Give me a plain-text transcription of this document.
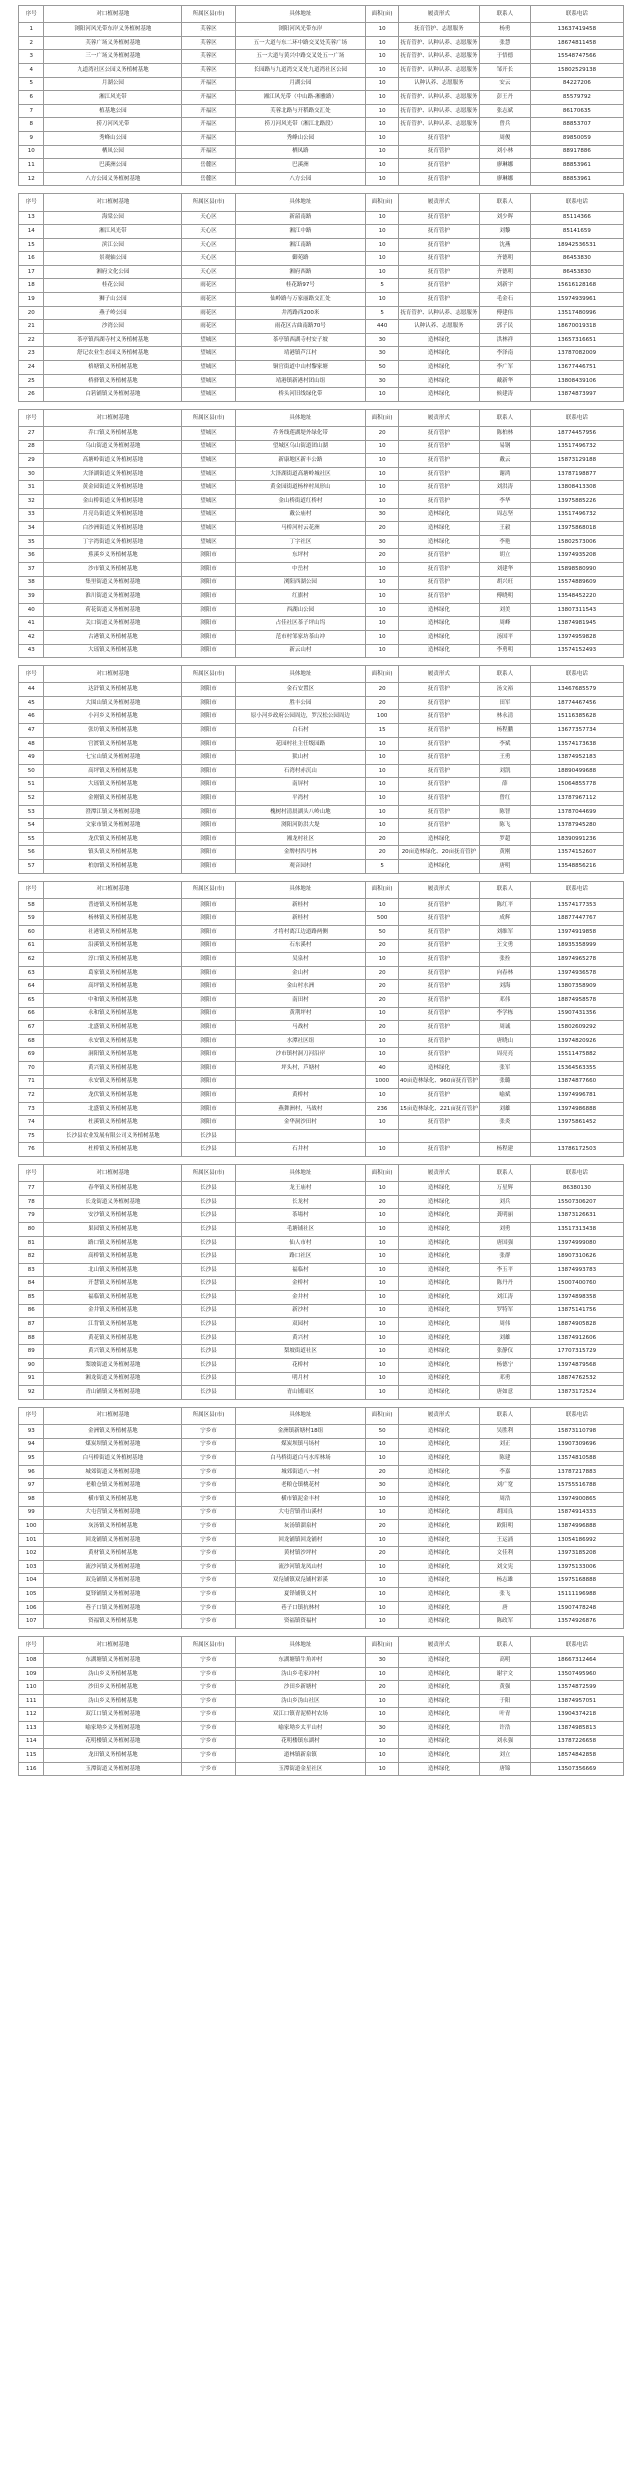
序号	对口植树基地	所属区县(市)	具体地址	面积(亩)	履责形式	联系人	联系电话
1	浏阳河风光带东岸义务植树基地	芙蓉区	浏阳河风光带东岸	10	抚育管护、志愿服务	杨勇	13637419458
2	芙蓉广场义务植树基地	芙蓉区	五一大道与东二环中路交叉处芙蓉广场	10	抚育管护、认种认养、志愿服务	张慧	18674811458
3	三一广场义务植树基地	芙蓉区	五一大道与黄兴中路交叉处五一广场	10	抚育管护、认种认养、志愿服务	于悟德	15548747566
4	九道湾社区公园义务植树基地	芙蓉区	长园路与九道湾交叉处九道湾社区公园	10	抚育管护、认种认养、志愿服务	邹开长	15802529138
5	月湖公园	开福区	月湖公园	10	认种认养、志愿服务	安云	84227206
6	湘江风光带	开福区	湘江风光带（中山路-湘雅路）	10	抚育管护、认种认养、志愿服务	彭王丹	85579792
7	植基地公园	开福区	芙蓉北路与开稻路交汇处	10	抚育管护、认种认养、志愿服务	张志斌	86170635
8	捞刀河风光带	开福区	捞刀河风光带（湘江北路段）	10	抚育管护、认种认养、志愿服务	曾兵	88853707
9	秀峰山公园	开福区	秀峰山公园	10	抚育管护	周俊	89850059
10	栖凤公园	开福区	栖凤路	10	抚育管护	刘小林	88917886
11	巴溪洲公园	岳麓区	巴溪洲	10	抚育管护	廖琳娜	88853961
12	八方公园义务植树基地	岳麓区	八方公园	10	抚育管护	廖琳娜	88853961

序号	对口植树基地	所属区县(市)	具体地址	面积(亩)	履责形式	联系人	联系电话
13	海棠公园	天心区	新韶南路	10	抚育管护	刘少晖	85114366
14	湘江风光带	天心区	湘江中路	10	抚育管护	刘黎	85141659
15	滨江公园	天心区	湘江南路	10	抚育管护	沈燕	18942536531
16	景观轴公园	天心区	御苑路	10	抚育管护	齐德明	86453830
17	湘府文化公园	天心区	湘府西路	10	抚育管护	齐德明	86453830
18	桂花公园	雨花区	桂花路97号	5	抚育管护	刘新宇	15616128168
19	狮子山公园	雨花区	仙岭路与万家丽路交汇处	10	抚育管护	毛金石	15974939961
20	燕子岭公园	雨花区	井湾路西200米	5	抚育管护、认种认养、志愿服务	傅建伟	13517480996
21	沙湾公园	雨花区	雨花区古曲南路70号	440	认种认养、志愿服务	郭子民	18670019318
22	茶亭镇西湖寺村义务植树基地	望城区	茶亭镇西湖寺村安子坡	30	造林绿化	洪林祥	13657316651
23	舒记农业生态园义务植树基地	望城区	靖港镇芦江村	30	造林绿化	李泽南	13787082009
24	格塘镇义务植树基地	望城区	铜官街道中山村黎家塘	50	造林绿化	李广军	13677446751
25	桥驿镇义务植树基地	望城区	靖港镇新港村团山组	30	造林绿化	戴新华	13808439106
26	白箬铺镇义务植树基地	望城区	桥头河旧线绿化带	10	造林绿化	候建涛	13874873997

序号	对口植树基地	所属区县(市)	具体地址	面积(亩)	履责形式	联系人	联系电话
27	乔口镇义务植树基地	望城区	乔务线莲湖堤外绿化带	20	抚育管护	陈柏林	18774457956
28	乌山街道义务植树基地	望城区	望城区乌山街道团山湖	10	抚育管护	易钢	13517496732
29	高塘岭街道义务植树基地	望城区	新康地区新丰公路	10	抚育管护	戴云	15873129188
30	大泽湖街道义务植树基地	望城区	大泽湖街道高塘岭城社区	10	抚育管护	谢鸿	13787198877
31	黄金园街道义务植树基地	望城区	黄金园街道杨梓村凤形山	10	抚育管护	刘洪涛	13808413308
32	金山桥街道义务植树基地	望城区	金山桥街道红桥村	10	抚育管护	李华	13975885226
33	月亮岛街道义务植树基地	望城区	戴公庙村	30	造林绿化	周志坚	13517496732
34	白沙洲街道义务植树基地	望城区	马桥河村云花洲	20	造林绿化	王毅	13975868018
35	丁字湾街道义务植树基地	望城区	丁字社区	30	造林绿化	李艳	15802573006
36	蕉溪乡义务植树基地	浏阳市	东坪村	20	抚育管护	胡立	13974935208
37	沙市镇义务植树基地	浏阳市	中岳村	10	抚育管护	刘建华	15898580990
38	集里街道义务植树基地	浏阳市	浏阳西湖公园	10	抚育管护	胡兴旺	15574889609
39	淮川街道义务植树基地	浏阳市	红旗村	10	抚育管护	傅晓明	13548452220
40	荷花街道义务植树基地	浏阳市	西湖山公园	10	造林绿化	刘美	13807311543
41	关口街道义务植树基地	浏阳市	占佳社区茶子坪山坞	10	造林绿化	周峰	13874981945
42	古港镇义务植树基地	浏阳市	范市村邹家坊茶山冲	10	造林绿化	汤国平	13974959828
43	大瑶镇义务植树基地	浏阳市	新云山村	10	造林绿化	李勇明	13574152493

序号	对口植树基地	所属区县(市)	具体地址	面积(亩)	履责形式	联系人	联系电话
44	达浒镇义务植树基地	浏阳市	金石安置区	20	抚育管护	汤文裕	13467685579
45	大围山镇义务植树基地	浏阳市	胜丰公园	20	抚育管护	田军	18774467456
46	小河乡义务植树基地	浏阳市	原小河乡政府公园周边，罗汉松公园周边	100	抚育管护	林永清	15116385628
47	张坊镇义务植树基地	浏阳市	白石村	15	抚育管护	杨程鹏	13677357734
48	官渡镇义务植树基地	浏阳市	花园村社主任级园路	10	抚育管护	李斌	13574173638
49	七宝山镇义务植树基地	浏阳市	狱山村	10	抚育管护	王勇	13874952183
50	高坪镇义务植树基地	浏阳市	石湾村赤沉山	10	抚育管护	刘凯	18890499688
51	大瑶镇义务植树基地	浏阳市	南屏村	10	抚育管护	薛	15064855778
52	金刚镇义务植树基地	浏阳市	平湾村	10	抚育管护	曾红	13787967112
53	澄潭江镇义务植树基地	浏阳市	槐树村清晨湖头八岭山地	10	抚育管护	陈智	13787044699
54	文家市镇义务植树基地	浏阳市	浏阳河防洪大堤	10	抚育管护	陈飞	13787945280
55	龙伏镇义务植树基地	浏阳市	湘龙村社区	20	造林绿化	罗超	18390991236
56	镇头镇义务植树基地	浏阳市	金牌村四号林	20	20亩造林绿化、20亩抚育管护	黄刚	13574152607
57	柏加镇义务植树基地	浏阳市	观音园村	5	造林绿化	唐明	13548856216

序号	对口植树基地	所属区县(市)	具体地址	面积(亩)	履责形式	联系人	联系电话
58	普迹镇义务植树基地	浏阳市	新桂村	10	抚育管护	陈红平	13574177353
59	杨林镇义务植树基地	浏阳市	新桂村	500	抚育管护	成辉	18877447767
60	社港镇义务植树基地	浏阳市	才将村离江边道路两侧	50	抚育管护	刘维军	13974919858
61	沿溪镇义务植树基地	浏阳市	石东溪村	20	抚育管护	王文勇	18935358999
62	淳口镇义务植树基地	浏阳市	吴泉村	10	抚育管护	张拴	18974965278
63	葛家镇义务植树基地	浏阳市	金山村	20	抚育管护	向春林	13974936578
64	高坪镇义务植树基地	浏阳市	金山村水洲	20	抚育管护	刘海	13807358909
65	中和镇义务植树基地	浏阳市	南田村	20	抚育管护	邓伟	18874958578
66	永和镇义务植树基地	浏阳市	黄荆坪村	10	抚育管护	李学栋	15907431356
67	北盛镇义务植树基地	浏阳市	马战村	20	抚育管护	周诚	15802609292
68	永安镇义务植树基地	浏阳市	水潭社区组	10	抚育管护	唐晓山	13974820926
69	洞阳镇义务植树基地	浏阳市	沙市镇村洞刀河沿岸	10	抚育管护	周亮亮	15511475882
70	黄兴镇义务植树基地	浏阳市	坪头村，芦塘村	40	造林绿化	张军	15364563355
71	永安镇义务植树基地	浏阳市		1000	40亩造林绿化、960亩抚育管护	张璐	13874877660
72	龙伏镇义务植树基地	浏阳市	黄桥村	10	抚育管护	喻斌	13974996781
73	北盛镇义务植树基地	浏阳市	燕舞洲村，马战村	236	15亩造林绿化、221亩抚育管护	刘雄	13974986888
74	杜溪镇义务植树基地	浏阳市	金华洞沙田村	10	抚育管护	张炎	13975861452
75	长沙县农业发展有限公司义务植树基地	长沙县					
76	杜桥镇义务植树基地	长沙县	石井村	10	抚育管护	杨程建	13786172503

序号	对口植树基地	所属区县(市)	具体地址	面积(亩)	履责形式	联系人	联系电话
77	春华镇义务植树基地	长沙县	龙王庙村	10	造林绿化	万星辉	86380130
78	长龙街道义务植树基地	长沙县	长龙村	20	造林绿化	刘兵	15507306207
79	安沙镇义务植树基地	长沙县	茶場村	10	造林绿化	龚明丽	13873126631
80	果园镇义务植树基地	长沙县	毛塘铺社区	10	造林绿化	刘勇	13517313438
81	路口镇义务植树基地	长沙县	仙人市村	10	造林绿化	唐国强	13974999080
82	高桥镇义务植树基地	长沙县	路口社区	10	造林绿化	张群	18907310626
83	北山镇义务植树基地	长沙县	福临村	10	造林绿化	李玉平	13874993783
84	开慧镇义务植树基地	长沙县	金桥村	10	造林绿化	陈丹丹	15007400760
85	福临镇义务植树基地	长沙县	金井村	10	造林绿化	刘江涛	13974898358
86	金井镇义务植树基地	长沙县	新沙村	10	造林绿化	罗特军	13875141756
87	江背镇义务植树基地	长沙县	双园村	10	造林绿化	周伟	18874905828
88	黄花镇义务植树基地	长沙县	黄兴村	10	造林绿化	刘雄	13874912606
89	黄兴镇义务植树基地	长沙县	梨坡街道社区	10	造林绿化	张静仪	17707315729
90	梨坡街道义务植树基地	长沙县	花桥村	10	造林绿化	杨德宁	13974879568
91	湘龙街道义务植树基地	长沙县	明月村	10	造林绿化	邓勇	18874762532
92	青山铺镇义务植树基地	长沙县	青山铺园区	10	造林绿化	唐如意	13873172524

序号	对口植树基地	所属区县(市)	具体地址	面积(亩)	履责形式	联系人	联系电话
93	金洲镇义务植树基地	宁乡市	金洲镇新塘村18组	50	造林绿化	吴胜利	15873110798
94	煤炭坝镇义务植树基地	宁乡市	煤炭坝镇马场村	10	造林绿化	刘正	13907309696
95	白马桥街道义务植树基地	宁乡市	白马桥街道白马水库林场	10	造林绿化	陈建	13574810588
96	城郊街道义务植树基地	宁乡市	城郊街道八一村	20	造林绿化	李嘉	13787217883
97	老粮仓镇义务植树基地	宁乡市	老粮仓镇桃花村	30	造林绿化	刘广宽	15755516788
98	横市镇义务植树基地	宁乡市	横市镇泥金丰村	10	造林绿化	周浩	13974900865
99	大屯营镇义务植树基地	宁乡市	大屯营镇青山溪村	10	造林绿化	胡国良	15874914333
100	灰汤镇义务植树基地	宁乡市	灰汤镇溜泉村	20	造林绿化	欧阳明	13874996888
101	回龙铺镇义务植树基地	宁乡市	回龙铺镇回龙铺村	10	造林绿化	王运涌	13054186992
102	黄材镇义务植树基地	宁乡市	黄材镇沙坪村	20	造林绿化	文佳利	13973185208
103	流沙河镇义务植树基地	宁乡市	流沙河镇龙凤山村	10	造林绿化	刘文宪	13975133006
104	双凫铺镇义务植树基地	宁乡市	双凫铺镇双凫铺村彩溪	10	造林绿化	杨志雄	15975168888
105	夏铎铺镇义务植树基地	宁乡市	夏铎铺镇义村	10	造林绿化	张飞	15111196988
106	巷子口镇义务植树基地	宁乡市	巷子口镇抗林村	10	造林绿化	唐	15907478248
107	资福镇义务植树基地	宁乡市	资福镇资福村	10	造林绿化	陈政军	13574926876

序号	对口植树基地	所属区县(市)	具体地址	面积(亩)	履责形式	联系人	联系电话
108	东湖塘镇义务植树基地	宁乡市	东湖塘镇牛角冲村	30	造林绿化	高明	18667312464
109	沩山乡义务植树基地	宁乡市	沩山乡毛家冲村	10	造林绿化	谢宇文	13507495960
110	沙田乡义务植树基地	宁乡市	沙田乡新塘村	20	造林绿化	黄强	13574872599
111	沩山乡义务植树基地	宁乡市	沩山乡沩山社区	10	造林绿化	于阳	13874957051
112	双江口镇义务植树基地	宁乡市	双江口镇青泥桥村农场	10	造林绿化	叶青	13904374218
113	喻家坳乡义务植树基地	宁乡市	喻家坳乡太平山村	30	造林绿化	许浩	13874985813
114	花明楼镇义务植树基地	宁乡市	花明楼镇东湖村	10	造林绿化	刘永强	13787226658
115	龙田镇义务植树基地	宁乡市	道林镇新泉镇	10	造林绿化	刘立	18574842858
116	玉潭街道义务植树基地	宁乡市	玉潭街道金星社区	10	造林绿化	唐锦	13507356669
